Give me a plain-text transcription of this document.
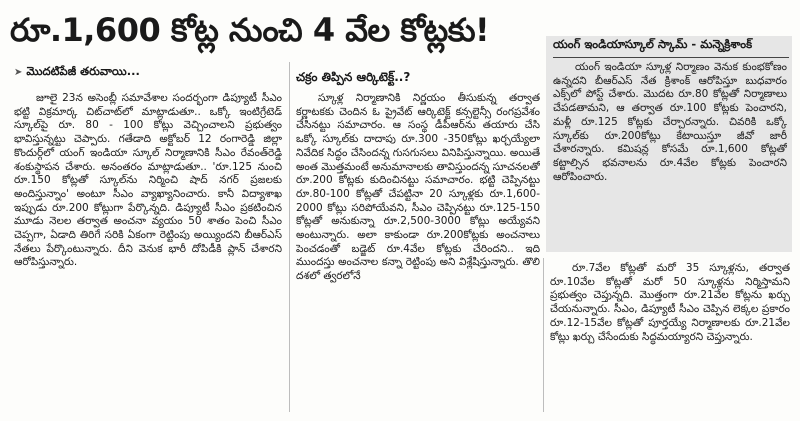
రూ.1,600 కోట్ల నుంచి 4 వేల కోట్లకు!
➤ మొదటిపేజీ తరువాయి...

జూలై 23న అసెంబ్లీ సమావేశాల సందర్భంగా డిప్యూటీ సీఎం భట్టి విక్రమార్క చిట్‌చాట్‌లో మాట్లాడుతూ.. ఒక్కో ఇంటిగ్రేటెడ్ స్కూల్‌పై రూ. 80 - 100 కోట్లు వెచ్చించాలని ప్రభుత్వం భావిస్తున్నట్టు చెప్పారు. గతేడాది అక్టోబర్ 12 రంగారెడ్డి జిల్లా కొందుర్గ్‌లో యంగ్ ఇండియా స్కూల్ నిర్మాణానికి సీఎం రేవంత్‌రెడ్డి శంకుస్థాపన చేశారు. అనంతరం మాట్లాడుతూ.. 'రూ.125 నుంచి రూ.150 కోట్లతో స్కూల్‌ను నిర్మించి షాద్ నగర్ ప్రజలకు అందిస్తున్నాం' అంటూ సీఎం వ్యాఖ్యానించారు. కానీ విద్యాశాఖ ఇప్పుడు రూ.200 కోట్లుగా పేర్కొన్నది. డిప్యూటీ సీఎం ప్రకటించిన మూడు నెలల తర్వాత అంచనా వ్యయం 50 శాతం పెంచి సీఎం చెప్పగా, ఏడాది తిరిగే సరికి ఏకంగా రెట్టింపు అయ్యిందని బీఆర్ఎస్ నేతలు పేర్కొంటున్నారు. దీని వెనుక భారీ దోపిడీకి ప్లాన్ చేశారని ఆరోపిస్తున్నారు.

చక్రం తిప్పిన ఆర్కిటెక్ట్..?

స్కూళ్ల నిర్మాణానికి నిర్ణయం తీసుకున్న తర్వాత కర్ణాటకకు చెందిన ఓ ప్రైవేట్ ఆర్కిటెక్ట్ కన్సల్టెన్సీ రంగప్రవేశం చేసినట్టు సమాచారం. ఆ సంస్థ డీపీఆర్‌ను తయారు చేసి ఒక్కో స్కూల్‌కు దాదాపు రూ.300 -350కోట్లు ఖర్చయ్యేలా నివేదిక సిద్ధం చేసిందన్న గుసగుసలు వినిపిస్తున్నాయి. అయితే అంత మొత్తమంటే అనుమానాలకు తావిస్తుందన్న సూచనలతో రూ.200 కోట్లకు కుదించినట్టు సమాచారం. భట్టి చెప్పినట్టు రూ.80-100 కోట్లతో చేపట్టినా 20 స్కూళ్లకు రూ.1,600-2000 కోట్లు సరిపోయేవని, సీఎం చెప్పినట్టు రూ.125-150 కోట్లతో అనుకున్నా రూ.2,500-3000 కోట్లు అయ్యేవని అంటున్నారు. అలా కాకుండా రూ.200కోట్లకు అంచనాలు పెంచడంతో బడ్జెట్ రూ.4వేల కోట్లకు చేరిందని.. ఇది ముందస్తు అంచనాల కన్నా రెట్టింపు అని విశ్లేషిస్తున్నారు. తొలి దశలో త్వరలోనే

యంగ్ ఇండియాస్కూల్ స్కామ్ - మన్నెక్రిశాంక్

యంగ్ ఇండియా స్కూళ్ల నిర్మాణం వెనుక కుంభకోణం ఉన్నదని బీఆర్ఎస్ నేత క్రిశాంక్ ఆరోపిస్తూ బుధవారం ఎక్స్‌లో పోస్ట్ చేశారు. మొదట రూ.80 కోట్లతో నిర్మాణాలు చేపడతామని, ఆ తర్వాత రూ.100 కోట్లకు పెంచారని, మళ్లీ రూ.125 కోట్లకు చేర్చారన్నారు. చివరికి ఒక్కో స్కూల్‌కు రూ.200కోట్లు కేటాయిస్తూ జీవో జారీ చేశారన్నారు. కమిషన్ల కోసమే రూ.1,600 కోట్లతో కట్టాల్సిన భవనాలను రూ.4వేల కోట్లకు పెంచారని ఆరోపించారు.

రూ.7వేల కోట్లతో మరో 35 స్కూళ్లను, తర్వాత రూ.10వేల కోట్లతో మరో 50 స్కూళ్లను నిర్మిస్తామని ప్రభుత్వం చెప్తున్నది. మొత్తంగా రూ.21వేల కోట్లను ఖర్చు చేయనున్నారు. సీఎం, డిప్యూటీ సీఎం చెప్పిన లెక్కల ప్రకారం రూ.12-15వేల కోట్లతో పూర్తయ్యే నిర్మాణాలకు రూ.21వేల కోట్లు ఖర్చు చేసేందుకు సిద్ధమయ్యారని చెప్తున్నారు.
